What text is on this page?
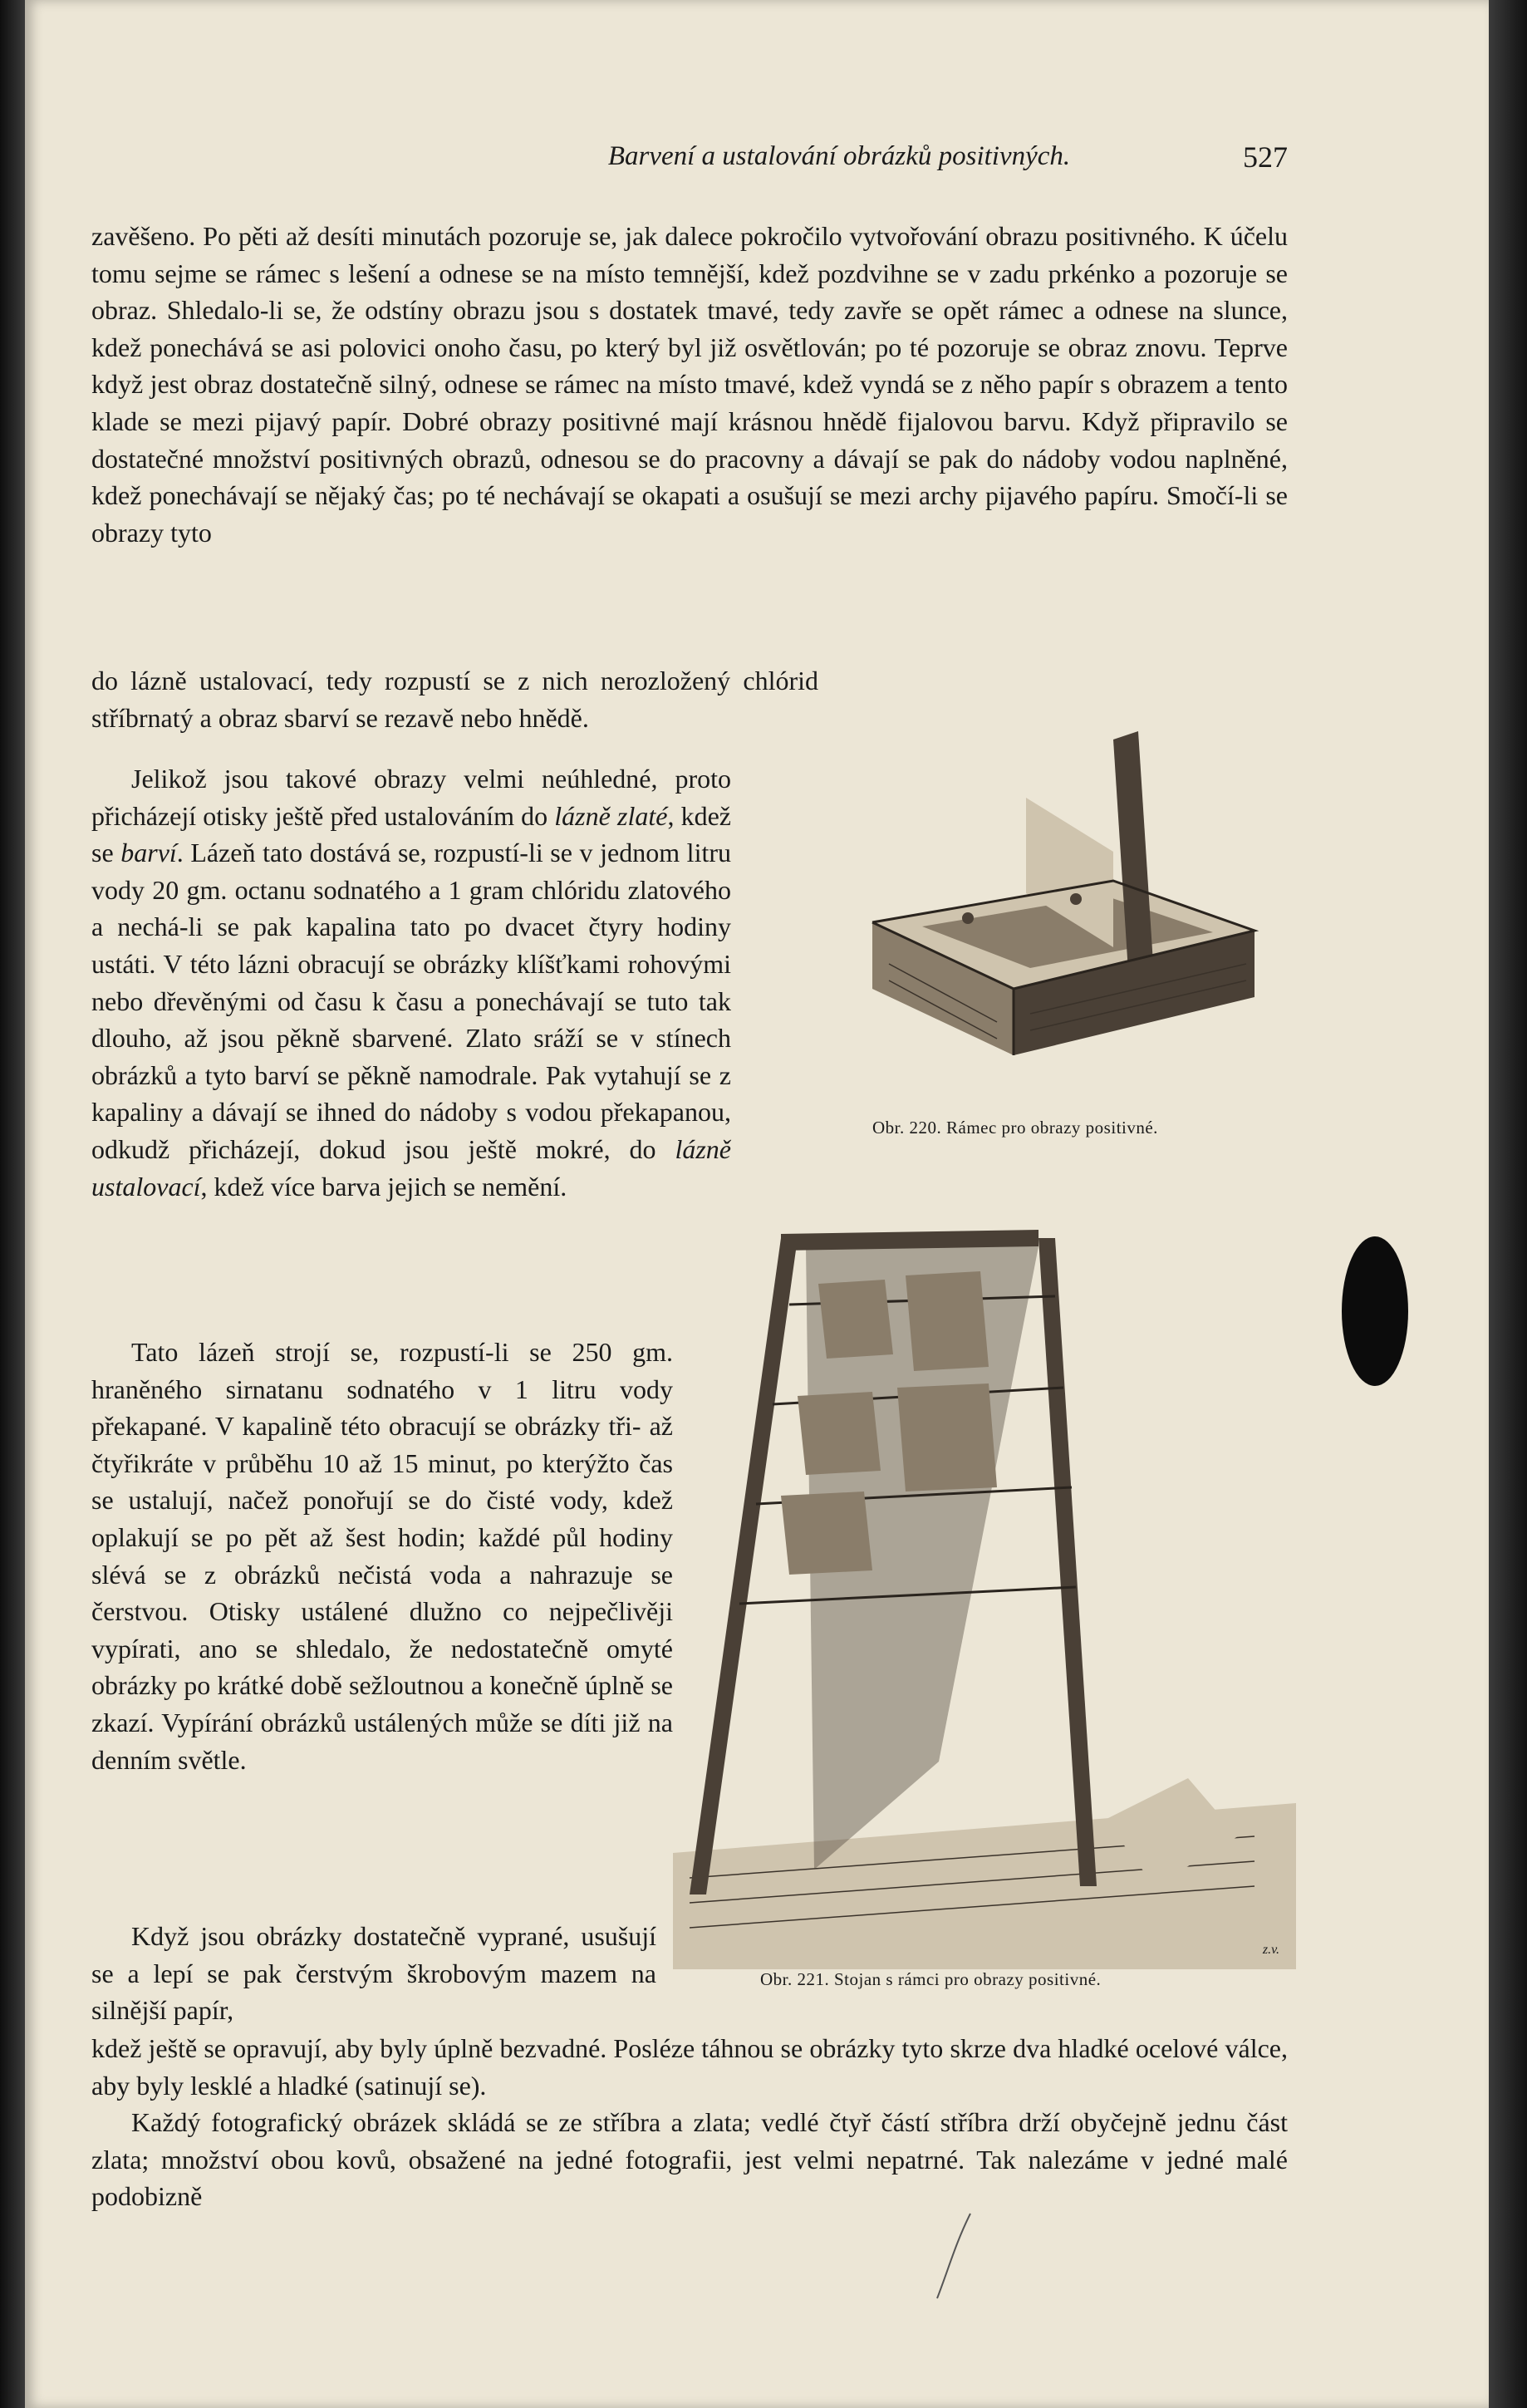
Barvení a ustalování obrázků positivných.	527

zavěšeno. Po pěti až desíti minutách pozoruje se, jak dalece pokročilo vytvořování obrazu positivného. K účelu tomu sejme se rámec s lešení a odnese se na místo temnější, kdež pozdvihne se v zadu prkénko a pozoruje se obraz. Shledalo-li se, že odstíny obrazu jsou s dostatek tmavé, tedy zavře se opět rámec a odnese na slunce, kdež ponechává se asi polovici onoho času, po který byl již osvětlován; po té pozoruje se obraz znovu. Teprve když jest obraz dostatečně silný, odnese se rámec na místo tmavé, kdež vyndá se z něho papír s obrazem a tento klade se mezi pijavý papír. Dobré obrazy positivné mají krásnou hnědě fijalovou barvu. Když připravilo se dostatečné množství positivných obrazů, odnesou se do pracovny a dávají se pak do nádoby vodou naplněné, kdež ponechávají se nějaký čas; po té nechávají se okapati a osušují se mezi archy pijavého papíru. Smočí-li se obrazy tyto

do lázně ustalovací, tedy rozpustí se z nich nerozložený chlórid stříbrnatý a obraz sbarví se rezavě nebo hnědě.

Jelikož jsou takové obrazy velmi neúhledné, proto přicházejí otisky ještě před ustalováním do lázně zlaté, kdež se barví. Lázeň tato dostává se, rozpustí-li se v jednom litru vody 20 gm. octanu sodnatého a 1 gram chlóridu zlatového a nechá-li se pak kapalina tato po dvacet čtyry hodiny ustáti. V této lázni obracují se obrázky klíšťkami rohovými nebo dřevěnými od času k času a ponechávají se tuto tak dlouho, až jsou pěkně sbarvené. Zlato sráží se v stínech obrázků a tyto barví se pěkně namodrale. Pak vytahují se z kapaliny a dávají se ihned do nádoby s vodou překapanou, odkudž přicházejí, dokud jsou ještě mokré, do lázně ustalovací, kdež více barva jejich se nemění.

Tato lázeň strojí se, rozpustí-li se 250 gm. hraněného sirnatanu sodnatého v 1 litru vody překapané. V kapalině této obracují se obrázky tři- až čtyřikráte v průběhu 10 až 15 minut, po kterýžto čas se ustalují, načež ponořují se do čisté vody, kdež oplakují se po pět až šest hodin; každé půl hodiny slévá se z obrázků nečistá voda a nahrazuje se čerstvou. Otisky ustálené dlužno co nejpečlivěji vypírati, ano se shledalo, že nedostatečně omyté obrázky po krátké době sežloutnou a konečně úplně se zkazí. Vypírání obrázků ustálených může se díti již na denním světle.

Když jsou obrázky dostatečně vyprané, usušují se a lepí se pak čerstvým škrobovým mazem na silnější papír,

kdež ještě se opravují, aby byly úplně bezvadné. Posléze táhnou se obrázky tyto skrze dva hladké ocelové válce, aby byly lesklé a hladké (satinují se).

Každý fotografický obrázek skládá se ze stříbra a zlata; vedlé čtyř částí stříbra drží obyčejně jednu část zlata; množství obou kovů, obsažené na jedné fotografii, jest velmi nepatrné. Tak nalezáme v jedné malé podobizně

Obr. 220. Rámec pro obrazy positivné.
z.v.
Obr. 221. Stojan s rámci pro obrazy positivné.
